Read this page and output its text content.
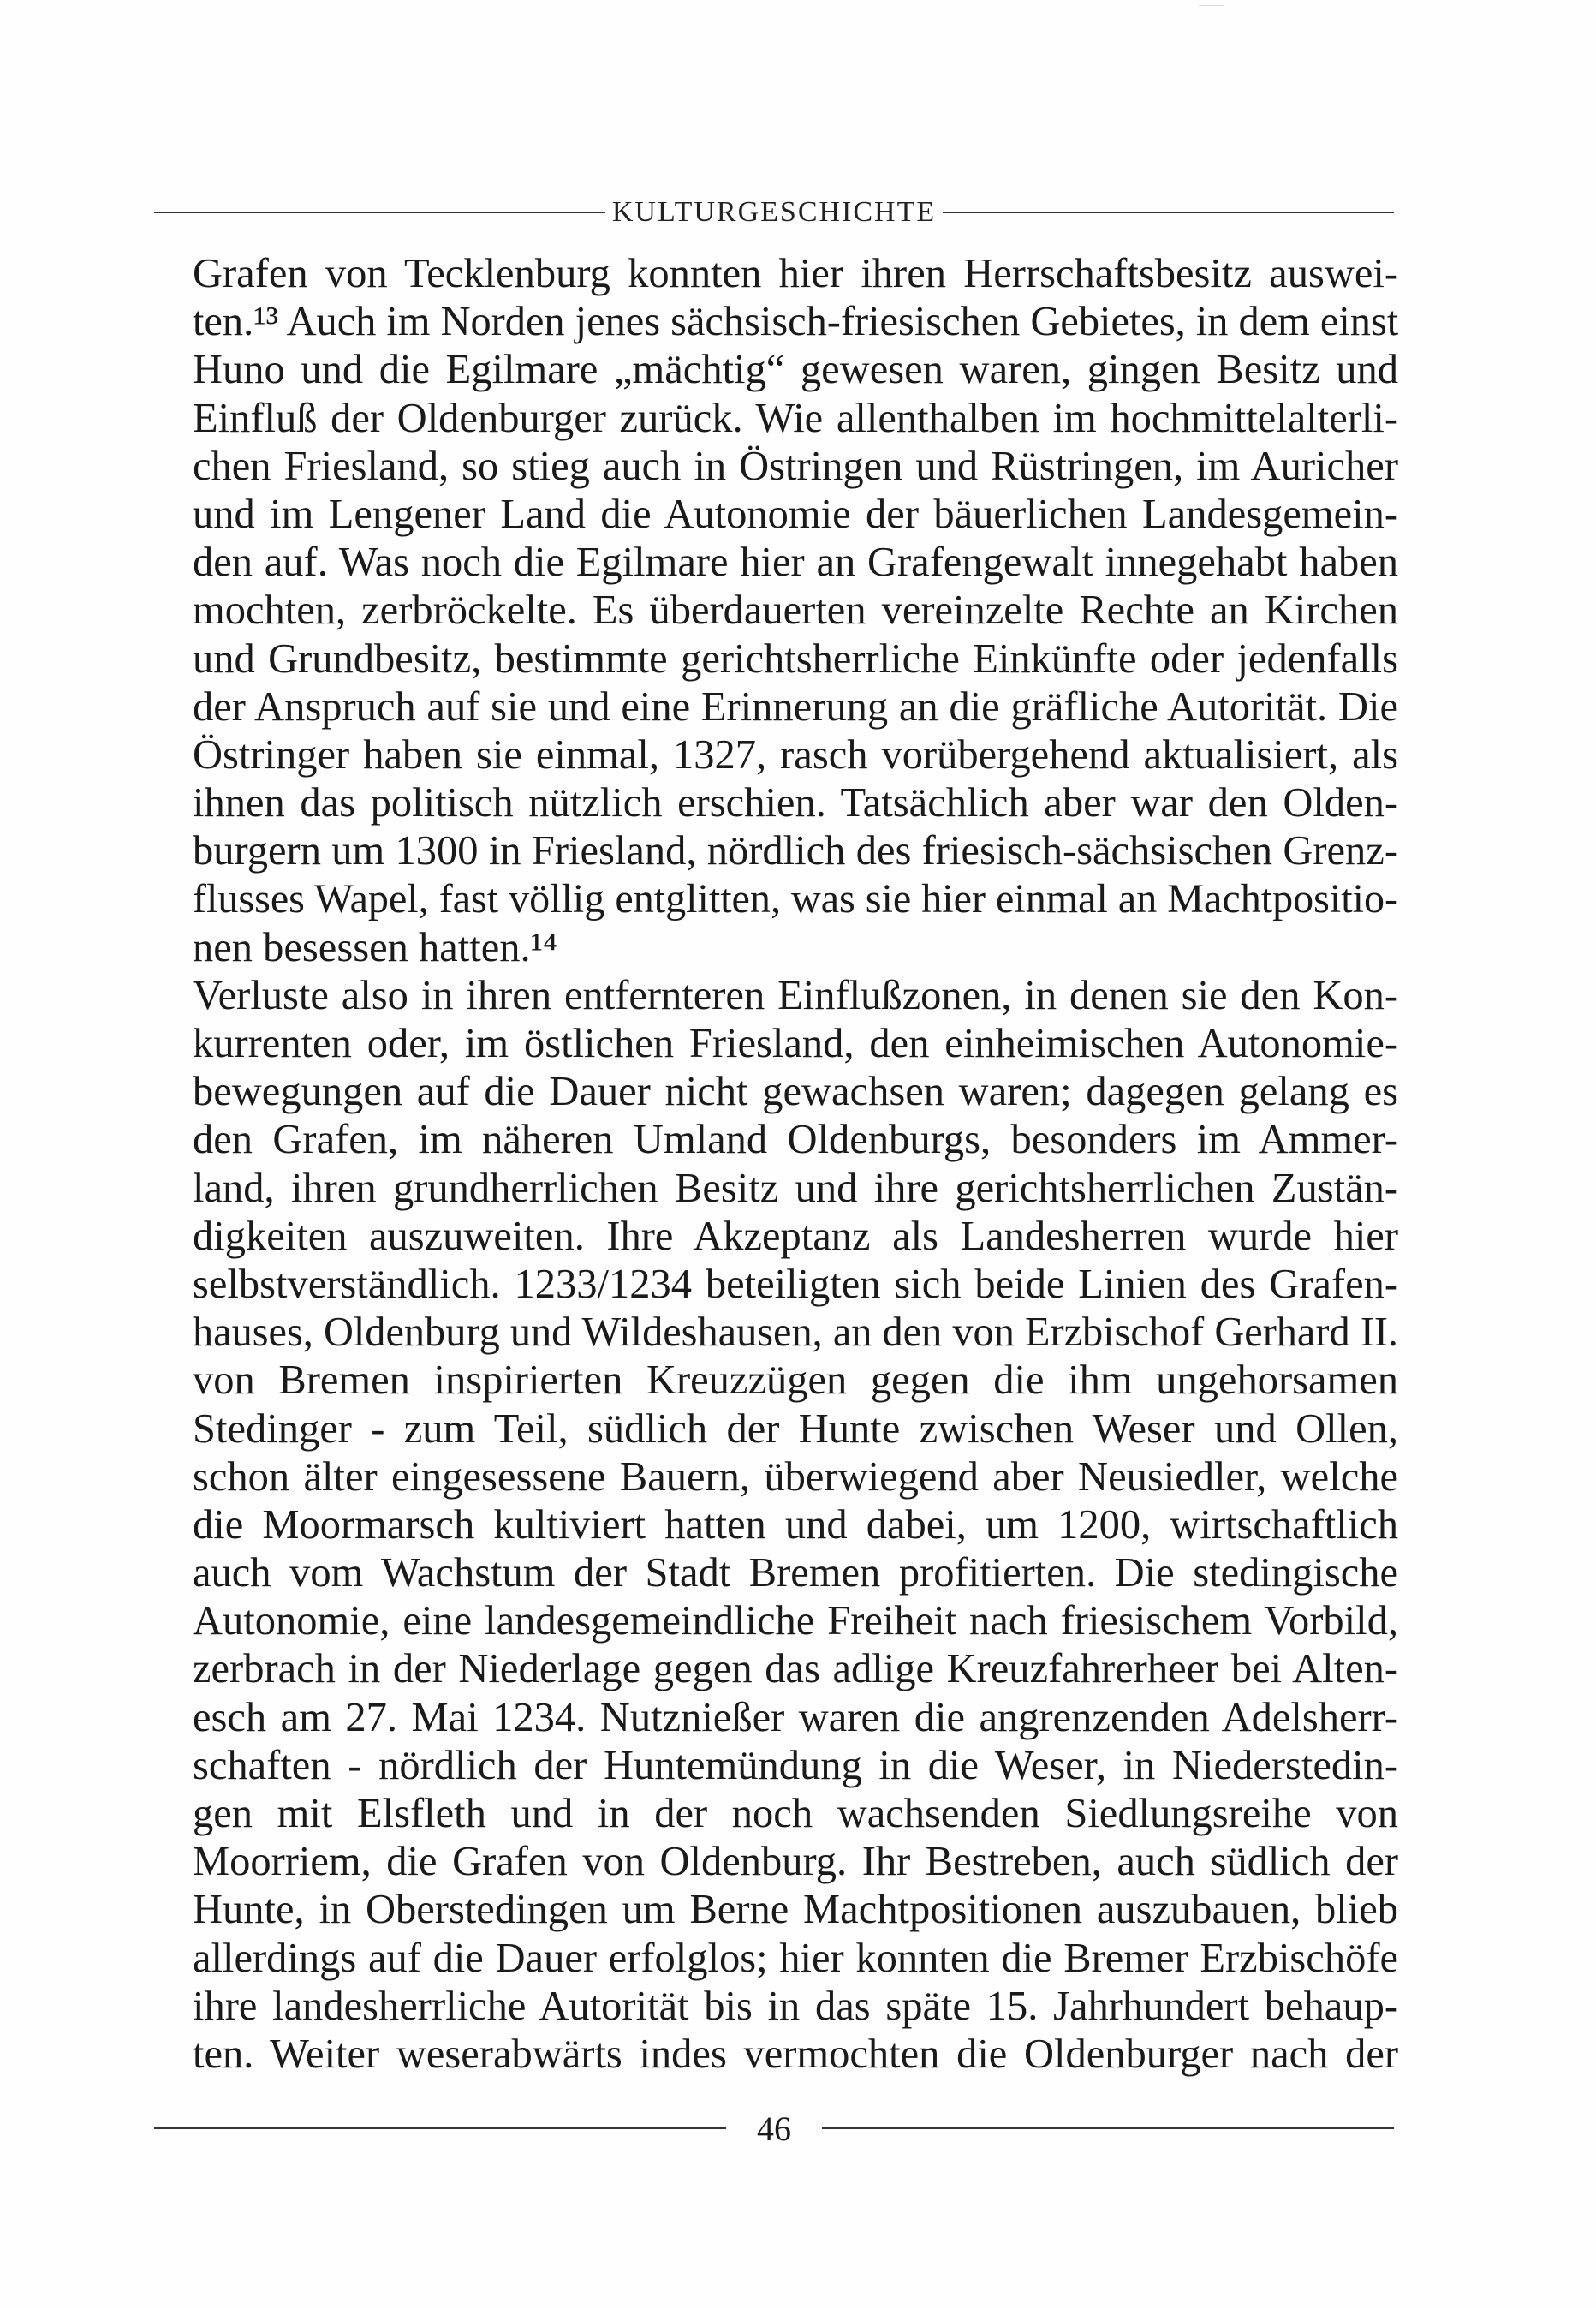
KULTURGESCHICHTE
Grafen von Tecklenburg konnten hier ihren Herrschaftsbesitz auswei-
ten.¹³ Auch im Norden jenes sächsisch-friesischen Gebietes, in dem einst
Huno und die Egilmare „mächtig“ gewesen waren, gingen Besitz und
Einfluß der Oldenburger zurück. Wie allenthalben im hochmittelalterli-
chen Friesland, so stieg auch in Östringen und Rüstringen, im Auricher
und im Lengener Land die Autonomie der bäuerlichen Landesgemein-
den auf. Was noch die Egilmare hier an Grafengewalt innegehabt haben
mochten, zerbröckelte. Es überdauerten vereinzelte Rechte an Kirchen
und Grundbesitz, bestimmte gerichtsherrliche Einkünfte oder jedenfalls
der Anspruch auf sie und eine Erinnerung an die gräfliche Autorität. Die
Östringer haben sie einmal, 1327, rasch vorübergehend aktualisiert, als
ihnen das politisch nützlich erschien. Tatsächlich aber war den Olden-
burgern um 1300 in Friesland, nördlich des friesisch-sächsischen Grenz-
flusses Wapel, fast völlig entglitten, was sie hier einmal an Machtpositio-
nen besessen hatten.¹⁴
Verluste also in ihren entfernteren Einflußzonen, in denen sie den Kon-
kurrenten oder, im östlichen Friesland, den einheimischen Autonomie-
bewegungen auf die Dauer nicht gewachsen waren; dagegen gelang es
den Grafen, im näheren Umland Oldenburgs, besonders im Ammer-
land, ihren grundherrlichen Besitz und ihre gerichtsherrlichen Zustän-
digkeiten auszuweiten. Ihre Akzeptanz als Landesherren wurde hier
selbstverständlich. 1233/1234 beteiligten sich beide Linien des Grafen-
hauses, Oldenburg und Wildeshausen, an den von Erzbischof Gerhard II.
von Bremen inspirierten Kreuzzügen gegen die ihm ungehorsamen
Stedinger - zum Teil, südlich der Hunte zwischen Weser und Ollen,
schon älter eingesessene Bauern, überwiegend aber Neusiedler, welche
die Moormarsch kultiviert hatten und dabei, um 1200, wirtschaftlich
auch vom Wachstum der Stadt Bremen profitierten. Die stedingische
Autonomie, eine landesgemeindliche Freiheit nach friesischem Vorbild,
zerbrach in der Niederlage gegen das adlige Kreuzfahrerheer bei Alten-
esch am 27. Mai 1234. Nutznießer waren die angrenzenden Adelsherr-
schaften - nördlich der Huntemündung in die Weser, in Niederstedin-
gen mit Elsfleth und in der noch wachsenden Siedlungsreihe von
Moorriem, die Grafen von Oldenburg. Ihr Bestreben, auch südlich der
Hunte, in Oberstedingen um Berne Machtpositionen auszubauen, blieb
allerdings auf die Dauer erfolglos; hier konnten die Bremer Erzbischöfe
ihre landesherrliche Autorität bis in das späte 15. Jahrhundert behaup-
ten. Weiter weserabwärts indes vermochten die Oldenburger nach der
46
